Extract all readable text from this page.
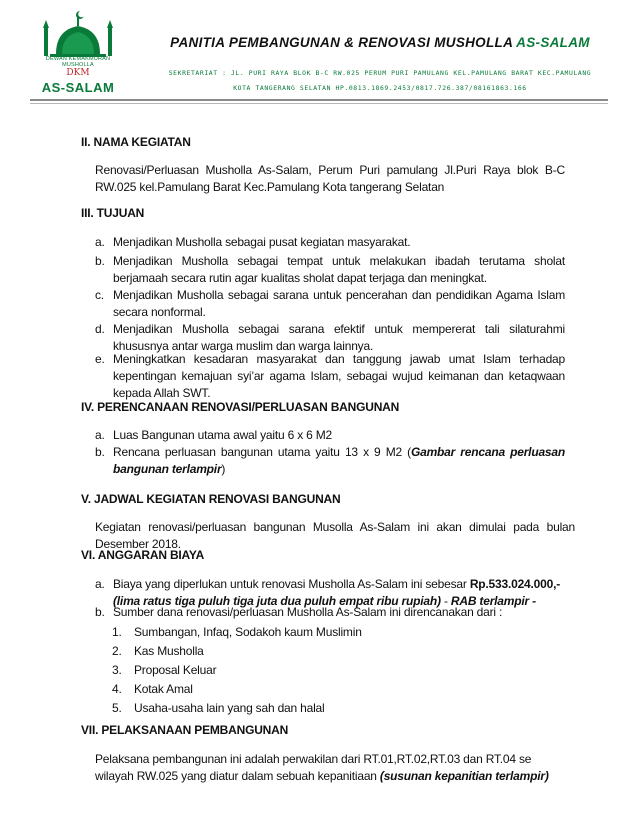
DEWAN KEMAKMURAN MUSHOLLA
DKM
AS-SALAM
PANITIA PEMBANGUNAN & RENOVASI MUSHOLLA AS-SALAM
SEKRETARIAT : JL. PURI RAYA BLOK B-C RW.025 PERUM PURI PAMULANG KEL.PAMULANG BARAT KEC.PAMULANG
KOTA TANGERANG SELATAN HP.0813.1869.2453/0817.726.387/08161863.166
II. NAMA KEGIATAN
Renovasi/Perluasan Musholla As-Salam, Perum Puri pamulang Jl.Puri Raya blok B-C RW.025 kel.Pamulang Barat Kec.Pamulang Kota tangerang Selatan
III. TUJUAN
a. Menjadikan Musholla sebagai pusat kegiatan masyarakat.
b. Menjadikan Musholla sebagai tempat untuk melakukan ibadah terutama sholat berjamaah secara rutin agar kualitas sholat dapat terjaga dan meningkat.
c. Menjadikan Musholla sebagai sarana untuk pencerahan dan pendidikan Agama Islam secara nonformal.
d. Menjadikan Musholla sebagai sarana efektif untuk mempererat tali silaturahmi khususnya antar warga muslim dan warga lainnya.
e. Meningkatkan kesadaran masyarakat dan tanggung jawab umat Islam terhadap kepentingan kemajuan syi’ar agama Islam, sebagai wujud keimanan dan ketaqwaan kepada Allah SWT.
IV. PERENCANAAN RENOVASI/PERLUASAN BANGUNAN
a. Luas Bangunan utama awal yaitu 6 x 6 M2
b. Rencana perluasan bangunan utama yaitu 13 x 9 M2 (Gambar rencana perluasan bangunan terlampir)
V. JADWAL KEGIATAN RENOVASI BANGUNAN
Kegiatan renovasi/perluasan bangunan Musolla As-Salam ini akan dimulai pada bulan Desember 2018.
VI. ANGGARAN BIAYA
a. Biaya yang diperlukan untuk renovasi Musholla As-Salam ini sebesar Rp.533.024.000,-
(lima ratus tiga puluh tiga juta dua puluh empat ribu rupiah) - RAB terlampir -
b. Sumber dana renovasi/perluasan Musholla As-Salam ini direncanakan dari :
1. Sumbangan, Infaq, Sodakoh kaum Muslimin
2. Kas Musholla
3. Proposal Keluar
4. Kotak Amal
5. Usaha-usaha lain yang sah dan halal
VII. PELAKSANAAN PEMBANGUNAN
Pelaksana pembangunan ini adalah perwakilan dari RT.01,RT.02,RT.03 dan RT.04 se wilayah RW.025 yang diatur dalam sebuah kepanitiaan (susunan kepanitian terlampir)
